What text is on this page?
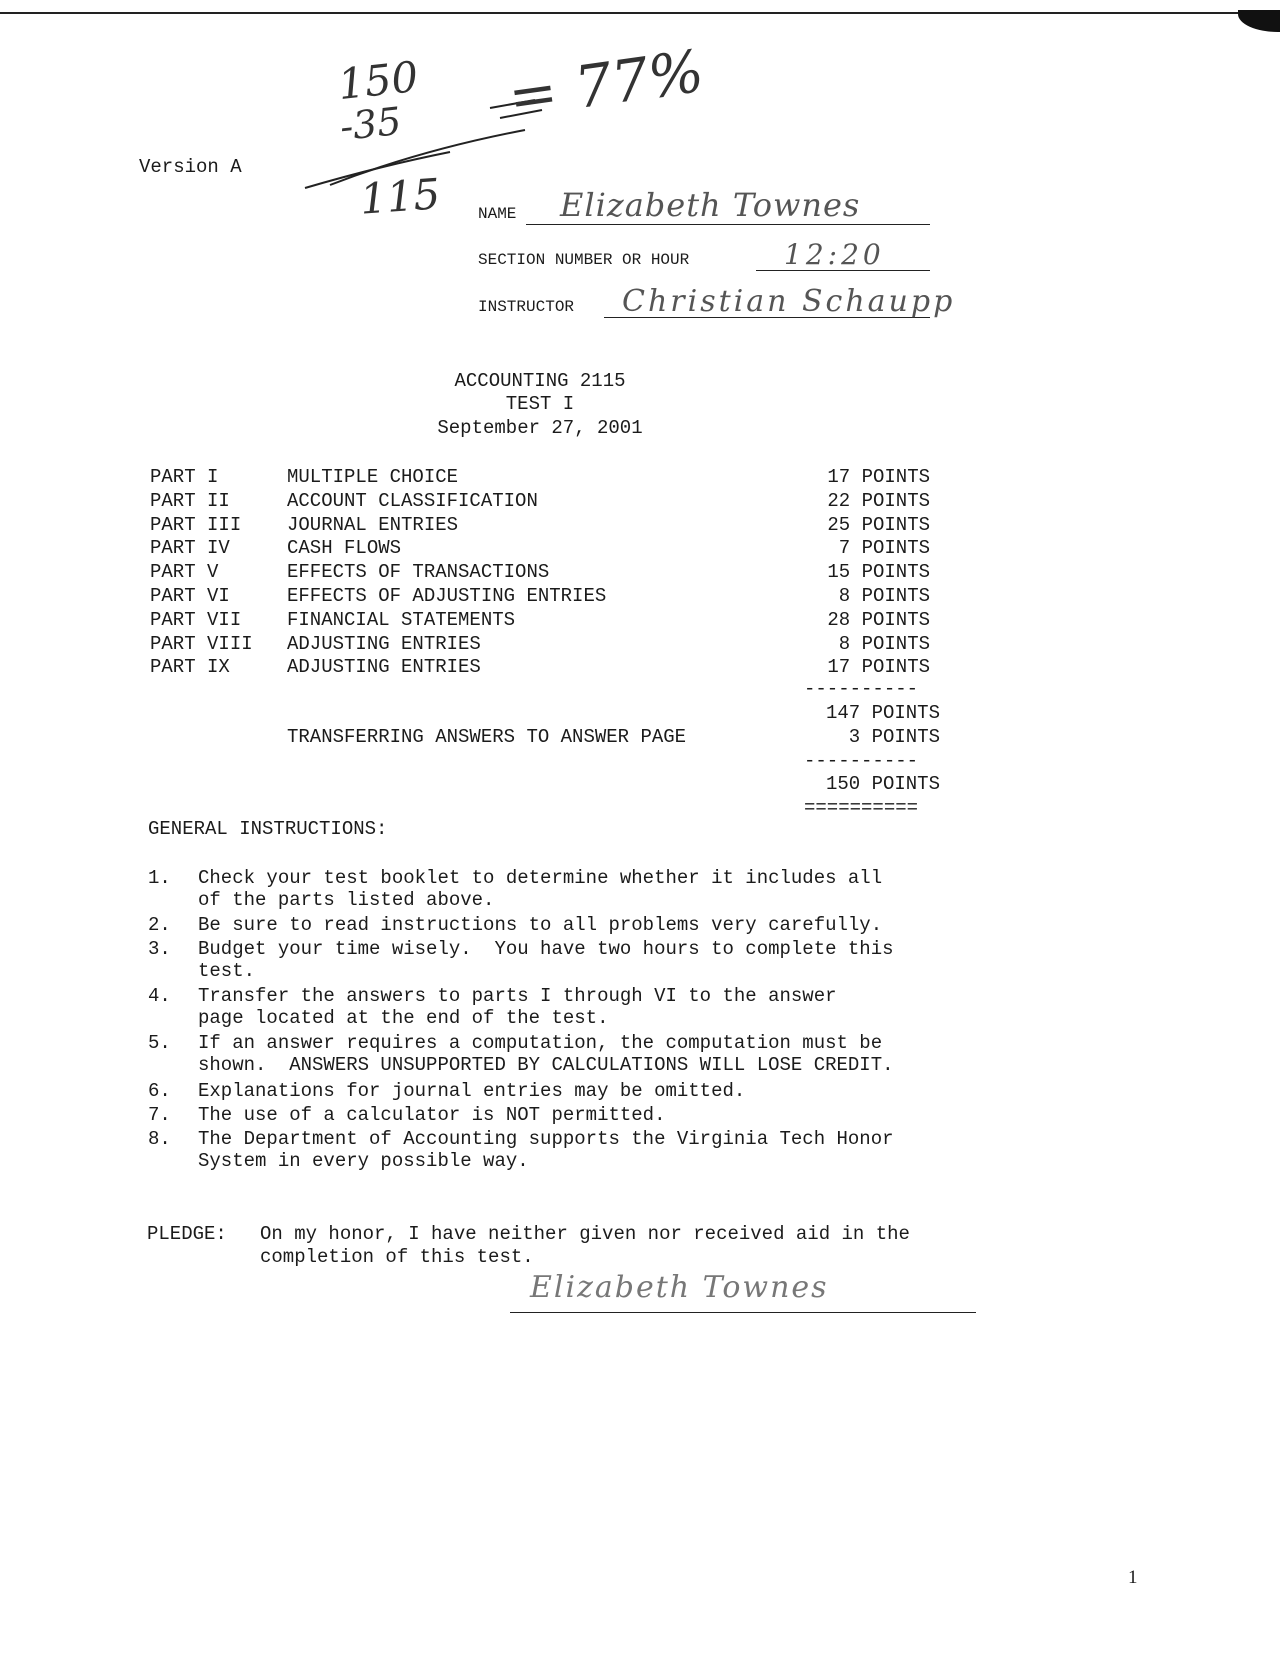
150
-35
115
= 77%
Version A
NAME Elizabeth Townes
SECTION NUMBER OR HOUR	12:20
INSTRUCTOR Christian Schaupp
ACCOUNTING 2115
TEST I
September 27, 2001
PART I	MULTIPLE CHOICE	17 POINTS
PART II	ACCOUNT CLASSIFICATION	22 POINTS
PART III JOURNAL ENTRIES	25 POINTS
PART IV	CASH FLOWS	7 POINTS
PART V	EFFECTS OF TRANSACTIONS	15 POINTS
PART VI	EFFECTS OF ADJUSTING ENTRIES	8 POINTS
PART VII FINANCIAL STATEMENTS	28 POINTS
PART VIII ADJUSTING ENTRIES	8 POINTS
PART IX	ADJUSTING ENTRIES	17 POINTS
----------
147 POINTS
TRANSFERRING ANSWERS TO ANSWER PAGE	3 POINTS
----------
150 POINTS
==========
GENERAL INSTRUCTIONS:
1. Check your test booklet to determine whether it includes all
of the parts listed above.
2. Be sure to read instructions to all problems very carefully.
3. Budget your time wisely.  You have two hours to complete this
test.
4. Transfer the answers to parts I through VI to the answer
page located at the end of the test.
5. If an answer requires a computation, the computation must be
shown.  ANSWERS UNSUPPORTED BY CALCULATIONS WILL LOSE CREDIT.
6. Explanations for journal entries may be omitted.
7. The use of a calculator is NOT permitted.
8. The Department of Accounting supports the Virginia Tech Honor
System in every possible way.
PLEDGE: On my honor, I have neither given nor received aid in the
completion of this test.
Elizabeth Townes
1
